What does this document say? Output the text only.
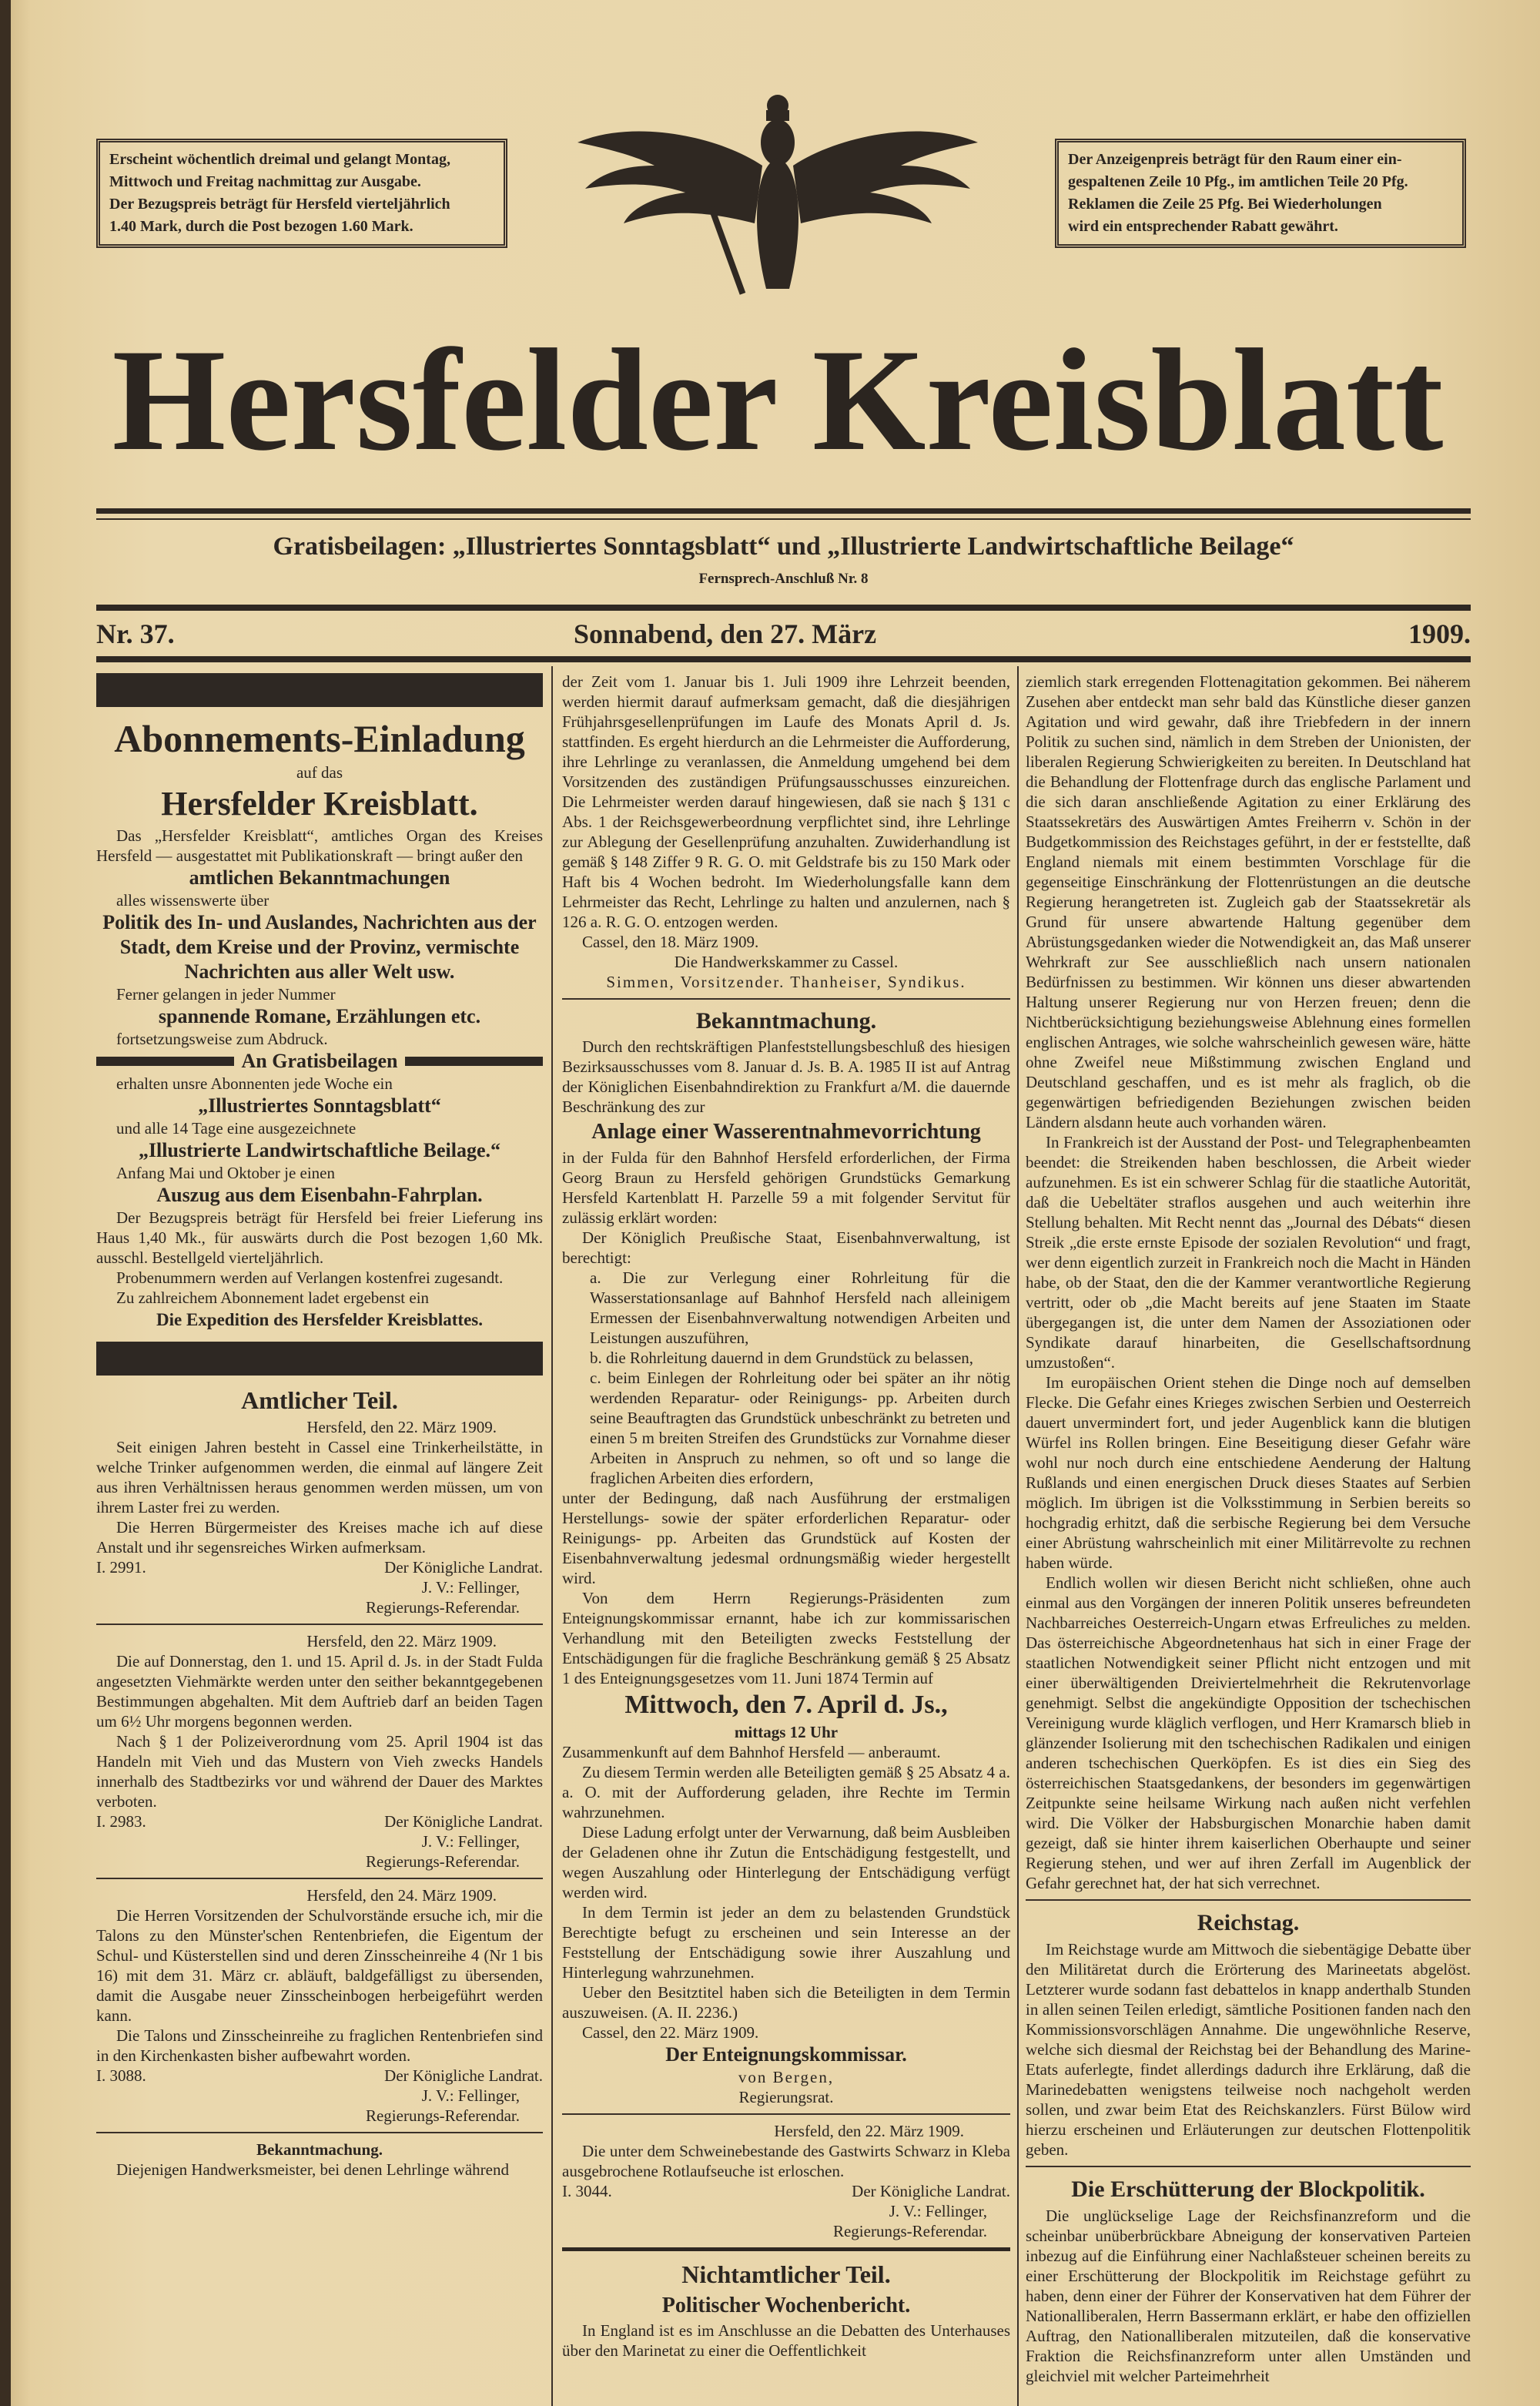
Erscheint wöchentlich dreimal und gelangt Montag,
Mittwoch und Freitag nachmittag zur Ausgabe.
Der Bezugspreis beträgt für Hersfeld vierteljährlich
1.40 Mark, durch die Post bezogen 1.60 Mark.
Der Anzeigenpreis beträgt für den Raum einer ein-
gespaltenen Zeile 10 Pfg., im amtlichen Teile 20 Pfg.
Reklamen die Zeile 25 Pfg. Bei Wiederholungen
wird ein entsprechender Rabatt gewährt.
Hersfelder Kreisblatt
Gratisbeilagen: „Illustriertes Sonntagsblatt“ und „Illustrierte Landwirtschaftliche Beilage“
Fernsprech-Anschluß Nr. 8
Nr. 37.	Sonnabend, den 27. März	1909.
Abonnements-Einladung

auf das

Hersfelder Kreisblatt.

Das „Hersfelder Kreisblatt“, amtliches Organ des Kreises Hersfeld — ausgestattet mit Publikationskraft — bringt außer den

amtlichen Bekanntmachungen

alles wissenswerte über

Politik des In- und Auslandes, Nachrichten aus der Stadt, dem Kreise und der Provinz, vermischte Nachrichten aus aller Welt usw.

Ferner gelangen in jeder Nummer

spannende Romane, Erzählungen etc.

fortsetzungsweise zum Abdruck.

An Gratisbeilagen

erhalten unsre Abonnenten jede Woche ein

„Illustriertes Sonntagsblatt“

und alle 14 Tage eine ausgezeichnete

„Illustrierte Landwirtschaftliche Beilage.“

Anfang Mai und Oktober je einen

Auszug aus dem Eisenbahn-Fahrplan.

Der Bezugspreis beträgt für Hersfeld bei freier Lieferung ins Haus 1,40 Mk., für auswärts durch die Post bezogen 1,60 Mk. ausschl. Bestellgeld vierteljährlich.

Probenummern werden auf Verlangen kostenfrei zugesandt.

Zu zahlreichem Abonnement ladet ergebenst ein

Die Expedition des Hersfelder Kreisblattes.
Amtlicher Teil.

Hersfeld, den 22. März 1909.

Seit einigen Jahren besteht in Cassel eine Trinkerheilstätte, in welche Trinker aufgenommen werden, die einmal auf längere Zeit aus ihren Verhältnissen heraus genommen werden müssen, um von ihrem Laster frei zu werden.

Die Herren Bürgermeister des Kreises mache ich auf diese Anstalt und ihr segensreiches Wirken aufmerksam.

I. 2991.	Der Königliche Landrat.
J. V.: Fellinger,
Regierungs-Referendar.

Hersfeld, den 22. März 1909.

Die auf Donnerstag, den 1. und 15. April d. Js. in der Stadt Fulda angesetzten Viehmärkte werden unter den seither bekanntgegebenen Bestimmungen abgehalten. Mit dem Auftrieb darf an beiden Tagen um 6½ Uhr morgens begonnen werden.

Nach § 1 der Polizeiverordnung vom 25. April 1904 ist das Handeln mit Vieh und das Mustern von Vieh zwecks Handels innerhalb des Stadtbezirks vor und während der Dauer des Marktes verboten.

I. 2983.	Der Königliche Landrat.
J. V.: Fellinger,
Regierungs-Referendar.

Hersfeld, den 24. März 1909.

Die Herren Vorsitzenden der Schulvorstände ersuche ich, mir die Talons zu den Münster'schen Rentenbriefen, die Eigentum der Schul- und Küsterstellen sind und deren Zinsscheinreihe 4 (Nr 1 bis 16) mit dem 31. März cr. abläuft, baldgefälligst zu übersenden, damit die Ausgabe neuer Zinsscheinbogen herbeigeführt werden kann.

Die Talons und Zinsscheinreihe zu fraglichen Rentenbriefen sind in den Kirchenkasten bisher aufbewahrt worden.

I. 3088.	Der Königliche Landrat.
J. V.: Fellinger,
Regierungs-Referendar.

Bekanntmachung.

Diejenigen Handwerksmeister, bei denen Lehrlinge während

der Zeit vom 1. Januar bis 1. Juli 1909 ihre Lehrzeit beenden, werden hiermit darauf aufmerksam gemacht, daß die diesjährigen Frühjahrsgesellenprüfungen im Laufe des Monats April d. Js. stattfinden. Es ergeht hierdurch an die Lehrmeister die Aufforderung, ihre Lehrlinge zu veranlassen, die Anmeldung umgehend bei dem Vorsitzenden des zuständigen Prüfungsausschusses einzureichen. Die Lehrmeister werden darauf hingewiesen, daß sie nach § 131 c Abs. 1 der Reichsgewerbeordnung verpflichtet sind, ihre Lehrlinge zur Ablegung der Gesellenprüfung anzuhalten. Zuwiderhandlung ist gemäß § 148 Ziffer 9 R. G. O. mit Geldstrafe bis zu 150 Mark oder Haft bis 4 Wochen bedroht. Im Wiederholungsfalle kann dem Lehrmeister das Recht, Lehrlinge zu halten und anzulernen, nach § 126 a. R. G. O. entzogen werden.

Cassel, den 18. März 1909.

Die Handwerkskammer zu Cassel.

Simmen, Vorsitzender. Thanheiser, Syndikus.

Bekanntmachung.

Durch den rechtskräftigen Planfeststellungsbeschluß des hiesigen Bezirksausschusses vom 8. Januar d. Js. B. A. 1985 II ist auf Antrag der Königlichen Eisenbahndirektion zu Frankfurt a/M. die dauernde Beschränkung des zur

Anlage einer Wasserentnahmevorrichtung

in der Fulda für den Bahnhof Hersfeld erforderlichen, der Firma Georg Braun zu Hersfeld gehörigen Grundstücks Gemarkung Hersfeld Kartenblatt H. Parzelle 59 a mit folgender Servitut für zulässig erklärt worden:

Der Königlich Preußische Staat, Eisenbahnverwaltung, ist berechtigt:

a. Die zur Verlegung einer Rohrleitung für die Wasserstationsanlage auf Bahnhof Hersfeld nach alleinigem Ermessen der Eisenbahnverwaltung notwendigen Arbeiten und Leistungen auszuführen,

b. die Rohrleitung dauernd in dem Grundstück zu belassen,

c. beim Einlegen der Rohrleitung oder bei später an ihr nötig werdenden Reparatur- oder Reinigungs- pp. Arbeiten durch seine Beauftragten das Grundstück unbeschränkt zu betreten und einen 5 m breiten Streifen des Grundstücks zur Vornahme dieser Arbeiten in Anspruch zu nehmen, so oft und so lange die fraglichen Arbeiten dies erfordern,

unter der Bedingung, daß nach Ausführung der erstmaligen Herstellungs- sowie der später erforderlichen Reparatur- oder Reinigungs- pp. Arbeiten das Grundstück auf Kosten der Eisenbahnverwaltung jedesmal ordnungsmäßig wieder hergestellt wird.

Von dem Herrn Regierungs-Präsidenten zum Enteignungskommissar ernannt, habe ich zur kommissarischen Verhandlung mit den Beteiligten zwecks Feststellung der Entschädigungen für die fragliche Beschränkung gemäß § 25 Absatz 1 des Enteignungsgesetzes vom 11. Juni 1874 Termin auf

Mittwoch, den 7. April d. Js.,

mittags 12 Uhr

Zusammenkunft auf dem Bahnhof Hersfeld — anberaumt.

Zu diesem Termin werden alle Beteiligten gemäß § 25 Absatz 4 a. a. O. mit der Aufforderung geladen, ihre Rechte im Termin wahrzunehmen.

Diese Ladung erfolgt unter der Verwarnung, daß beim Ausbleiben der Geladenen ohne ihr Zutun die Entschädigung festgestellt, und wegen Auszahlung oder Hinterlegung der Entschädigung verfügt werden wird.

In dem Termin ist jeder an dem zu belastenden Grundstück Berechtigte befugt zu erscheinen und sein Interesse an der Feststellung der Entschädigung sowie ihrer Auszahlung und Hinterlegung wahrzunehmen.

Ueber den Besitztitel haben sich die Beteiligten in dem Termin auszuweisen. (A. II. 2236.)

Cassel, den 22. März 1909.

Der Enteignungskommissar.

von Bergen,

Regierungsrat.

Hersfeld, den 22. März 1909.

Die unter dem Schweinebestande des Gastwirts Schwarz in Kleba ausgebrochene Rotlaufseuche ist erloschen.

I. 3044.	Der Königliche Landrat.
J. V.: Fellinger,
Regierungs-Referendar.
Nichtamtlicher Teil.
Politischer Wochenbericht.

In England ist es im Anschlusse an die Debatten des Unterhauses über den Marinetat zu einer die Oeffentlichkeit

ziemlich stark erregenden Flottenagitation gekommen. Bei näherem Zusehen aber entdeckt man sehr bald das Künstliche dieser ganzen Agitation und wird gewahr, daß ihre Triebfedern in der innern Politik zu suchen sind, nämlich in dem Streben der Unionisten, der liberalen Regierung Schwierigkeiten zu bereiten. In Deutschland hat die Behandlung der Flottenfrage durch das englische Parlament und die sich daran anschließende Agitation zu einer Erklärung des Staatssekretärs des Auswärtigen Amtes Freiherrn v. Schön in der Budgetkommission des Reichstages geführt, in der er feststellte, daß England niemals mit einem bestimmten Vorschlage für die gegenseitige Einschränkung der Flottenrüstungen an die deutsche Regierung herangetreten ist. Zugleich gab der Staatssekretär als Grund für unsere abwartende Haltung gegenüber dem Abrüstungsgedanken wieder die Notwendigkeit an, das Maß unserer Wehrkraft zur See ausschließlich nach unsern nationalen Bedürfnissen zu bestimmen. Wir können uns dieser abwartenden Haltung unserer Regierung nur von Herzen freuen; denn die Nichtberücksichtigung beziehungsweise Ablehnung eines formellen englischen Antrages, wie solche wahrscheinlich gewesen wäre, hätte ohne Zweifel neue Mißstimmung zwischen England und Deutschland geschaffen, und es ist mehr als fraglich, ob die gegenwärtigen befriedigenden Beziehungen zwischen beiden Ländern alsdann heute auch vorhanden wären.

In Frankreich ist der Ausstand der Post- und Telegraphenbeamten beendet: die Streikenden haben beschlossen, die Arbeit wieder aufzunehmen. Es ist ein schwerer Schlag für die staatliche Autorität, daß die Uebeltäter straflos ausgehen und auch weiterhin ihre Stellung behalten. Mit Recht nennt das „Journal des Débats“ diesen Streik „die erste ernste Episode der sozialen Revolution“ und fragt, wer denn eigentlich zurzeit in Frankreich noch die Macht in Händen habe, ob der Staat, den die der Kammer verantwortliche Regierung vertritt, oder ob „die Macht bereits auf jene Staaten im Staate übergegangen ist, die unter dem Namen der Assoziationen oder Syndikate darauf hinarbeiten, die Gesellschaftsordnung umzustoßen“.

Im europäischen Orient stehen die Dinge noch auf demselben Flecke. Die Gefahr eines Krieges zwischen Serbien und Oesterreich dauert unvermindert fort, und jeder Augenblick kann die blutigen Würfel ins Rollen bringen. Eine Beseitigung dieser Gefahr wäre wohl nur noch durch eine entschiedene Aenderung der Haltung Rußlands und einen energischen Druck dieses Staates auf Serbien möglich. Im übrigen ist die Volksstimmung in Serbien bereits so hochgradig erhitzt, daß die serbische Regierung bei dem Versuche einer Abrüstung wahrscheinlich mit einer Militärrevolte zu rechnen haben würde.

Endlich wollen wir diesen Bericht nicht schließen, ohne auch einmal aus den Vorgängen der inneren Politik unseres befreundeten Nachbarreiches Oesterreich-Ungarn etwas Erfreuliches zu melden. Das österreichische Abgeordnetenhaus hat sich in einer Frage der staatlichen Notwendigkeit seiner Pflicht nicht entzogen und mit einer überwältigenden Dreiviertelmehrheit die Rekrutenvorlage genehmigt. Selbst die angekündigte Opposition der tschechischen Vereinigung wurde kläglich verflogen, und Herr Kramarsch blieb in glänzender Isolierung mit den tschechischen Radikalen und einigen anderen tschechischen Querköpfen. Es ist dies ein Sieg des österreichischen Staatsgedankens, der besonders im gegenwärtigen Zeitpunkte seine heilsame Wirkung nach außen nicht verfehlen wird. Die Völker der Habsburgischen Monarchie haben damit gezeigt, daß sie hinter ihrem kaiserlichen Oberhaupte und seiner Regierung stehen, und wer auf ihren Zerfall im Augenblick der Gefahr gerechnet hat, der hat sich verrechnet.

Reichstag.

Im Reichstage wurde am Mittwoch die siebentägige Debatte über den Militäretat durch die Erörterung des Marineetats abgelöst. Letzterer wurde sodann fast debattelos in knapp anderthalb Stunden in allen seinen Teilen erledigt, sämtliche Positionen fanden nach den Kommissionsvorschlägen Annahme. Die ungewöhnliche Reserve, welche sich diesmal der Reichstag bei der Behandlung des Marine-Etats auferlegte, findet allerdings dadurch ihre Erklärung, daß die Marinedebatten wenigstens teilweise noch nachgeholt werden sollen, und zwar beim Etat des Reichskanzlers. Fürst Bülow wird hierzu erscheinen und Erläuterungen zur deutschen Flottenpolitik geben.

Die Erschütterung der Blockpolitik.

Die unglückselige Lage der Reichsfinanzreform und die scheinbar unüberbrückbare Abneigung der konservativen Parteien inbezug auf die Einführung einer Nachlaßsteuer scheinen bereits zu einer Erschütterung der Blockpolitik im Reichstage geführt zu haben, denn einer der Führer der Konservativen hat dem Führer der Nationalliberalen, Herrn Bassermann erklärt, er habe den offiziellen Auftrag, den Nationalliberalen mitzuteilen, daß die konservative Fraktion die Reichsfinanzreform unter allen Umständen und gleichviel mit welcher Parteimehrheit
